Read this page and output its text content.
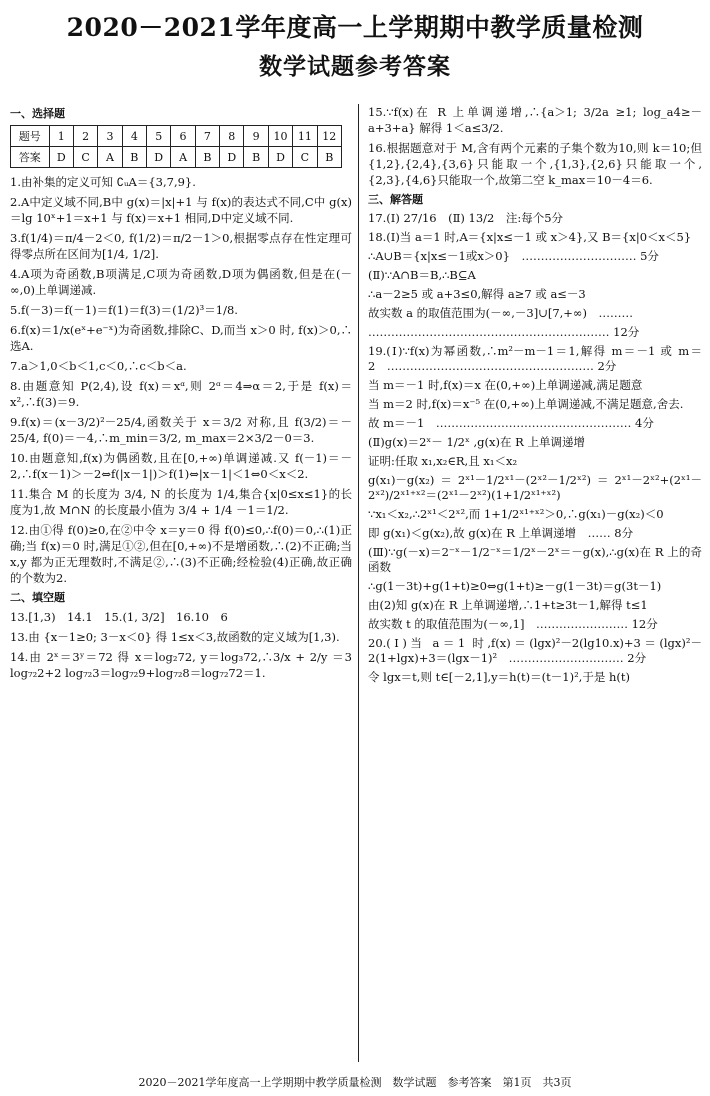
2020－2021学年度高一上学期期中教学质量检测
数学试题参考答案
一、选择题
题号	1	2	3	4	5	6	7	8	9	10	11	12
答案	D	C	A	B	D	A	B	D	B	D	C	B
1.由补集的定义可知 ∁ᵤA＝{3,7,9}.
2.A中定义域不同,B中 g(x)＝|x|+1 与 f(x)的表达式不同,C中 g(x)＝lg 10ˣ+1＝x+1 与 f(x)＝x+1 相同,D中定义域不同.
3.f(1/4)＝π/4－2＜0, f(1/2)＝π/2－1＞0,根据零点存在性定理可得零点所在区间为[1/4, 1/2].
4.A项为奇函数,B项满足,C项为奇函数,D项为偶函数,但是在(－∞,0)上单调递减.
5.f(－3)＝f(－1)＝f(1)＝f(3)＝(1/2)³＝1/8.
6.f(x)＝1/x(eˣ+e⁻ˣ)为奇函数,排除C、D,而当 x＞0 时, f(x)＞0,∴选A.
7.a＞1,0＜b＜1,c＜0,∴c＜b＜a.
8.由题意知 P(2,4),设 f(x)＝xᵅ,则 2ᵅ＝4⇒α＝2,于是 f(x)＝x²,∴f(3)＝9.
9.f(x)＝(x－3/2)²－25/4,函数关于 x＝3/2 对称,且 f(3/2)＝－25/4, f(0)＝－4,∴m_min＝3/2, m_max＝2×3/2－0＝3.
10.由题意知,f(x)为偶函数,且在[0,+∞)单调递减.又 f(－1)＝－2,∴f(x－1)＞－2⇔f(|x－1|)＞f(1)⇔|x－1|＜1⇔0＜x＜2.
11.集合 M 的长度为 3/4, N 的长度为 1/4,集合{x|0≤x≤1}的长度为1,故 M∩N 的长度最小值为 3/4 + 1/4 －1＝1/2.
12.由①得 f(0)≥0,在②中令 x＝y＝0 得 f(0)≤0,∴f(0)＝0,∴(1)正确;当 f(x)＝0 时,满足①②,但在[0,+∞)不是增函数,∴(2)不正确;当 x,y 都为正无理数时,不满足②,∴(3)不正确;经检验(4)正确,故正确的个数为2.
二、填空题
13.[1,3)　14.1　15.(1, 3/2]　16.10　6
13.由 {x－1≥0; 3－x＜0} 得 1≤x＜3,故函数的定义域为[1,3).
14.由 2ˣ＝3ʸ＝72 得 x＝log₂72, y＝log₃72,∴3/x + 2/y ＝3 log₇₂2+2 log₇₂3＝log₇₂9+log₇₂8＝log₇₂72＝1.
15.∵f(x)在 R 上单调递增,∴{a＞1; 3/2a ≥1; log_a4≥－a+3+a} 解得 1＜a≤3/2.
16.根据题意对于 M,含有两个元素的子集个数为10,则 k＝10;但{1,2},{2,4},{3,6}只能取一个,{1,3},{2,6}只能取一个,{2,3},{4,6}只能取一个,故第二空 k_max＝10－4＝6.
三、解答题
17.(Ⅰ) 27/16　(Ⅱ) 13/2　注:每个5分
18.(Ⅰ)当 a＝1 时,A＝{x|x≤－1 或 x＞4},又 B＝{x|0＜x＜5}
∴A∪B＝{x|x≤－1或x＞0}　………………………… 5分
(Ⅱ)∵A∩B＝B,∴B⊆A
∴a－2≥5 或 a+3≤0,解得 a≥7 或 a≤－3
故实数 a 的取值范围为(－∞,－3]∪[7,+∞)　………
……………………………………………………… 12分
19.(Ⅰ)∵f(x)为幂函数,∴m²－m－1＝1,解得 m＝－1 或 m＝2　……………………………………………… 2分
当 m＝－1 时,f(x)＝x 在(0,+∞)上单调递减,满足题意
当 m＝2 时,f(x)＝x⁻⁵ 在(0,+∞)上单调递减,不满足题意,舍去.
故 m＝－1　…………………………………………… 4分
(Ⅱ)g(x)＝2ˣ－ 1/2ˣ ,g(x)在 R 上单调递增
证明:任取 x₁,x₂∈R,且 x₁＜x₂
g(x₁)－g(x₂)＝2ˣ¹－1/2ˣ¹－(2ˣ²－1/2ˣ²)＝2ˣ¹－2ˣ²+(2ˣ¹－2ˣ²)/2ˣ¹⁺ˣ²＝(2ˣ¹－2ˣ²)(1+1/2ˣ¹⁺ˣ²)
∵x₁＜x₂,∴2ˣ¹＜2ˣ²,而 1+1/2ˣ¹⁺ˣ²＞0,∴g(x₁)－g(x₂)＜0
即 g(x₁)＜g(x₂),故 g(x)在 R 上单调递增　…… 8分
(Ⅲ)∵g(－x)＝2⁻ˣ－1/2⁻ˣ＝1/2ˣ－2ˣ＝－g(x),∴g(x)在 R 上的奇函数
∴g(1－3t)+g(1+t)≥0⇔g(1+t)≥－g(1－3t)＝g(3t－1)
由(2)知 g(x)在 R 上单调递增,∴1+t≥3t－1,解得 t≤1
故实数 t 的取值范围为(－∞,1]　…………………… 12分
20.(Ⅰ)当 a＝1 时,f(x)＝(lgx)²－2(lg10.x)+3＝(lgx)²－2(1+lgx)+3＝(lgx－1)²　………………………… 2分
令 lgx＝t,则 t∈[－2,1],y＝h(t)＝(t－1)²,于是 h(t)
2020－2021学年度高一上学期期中教学质量检测　数学试题　参考答案　第1页　共3页
